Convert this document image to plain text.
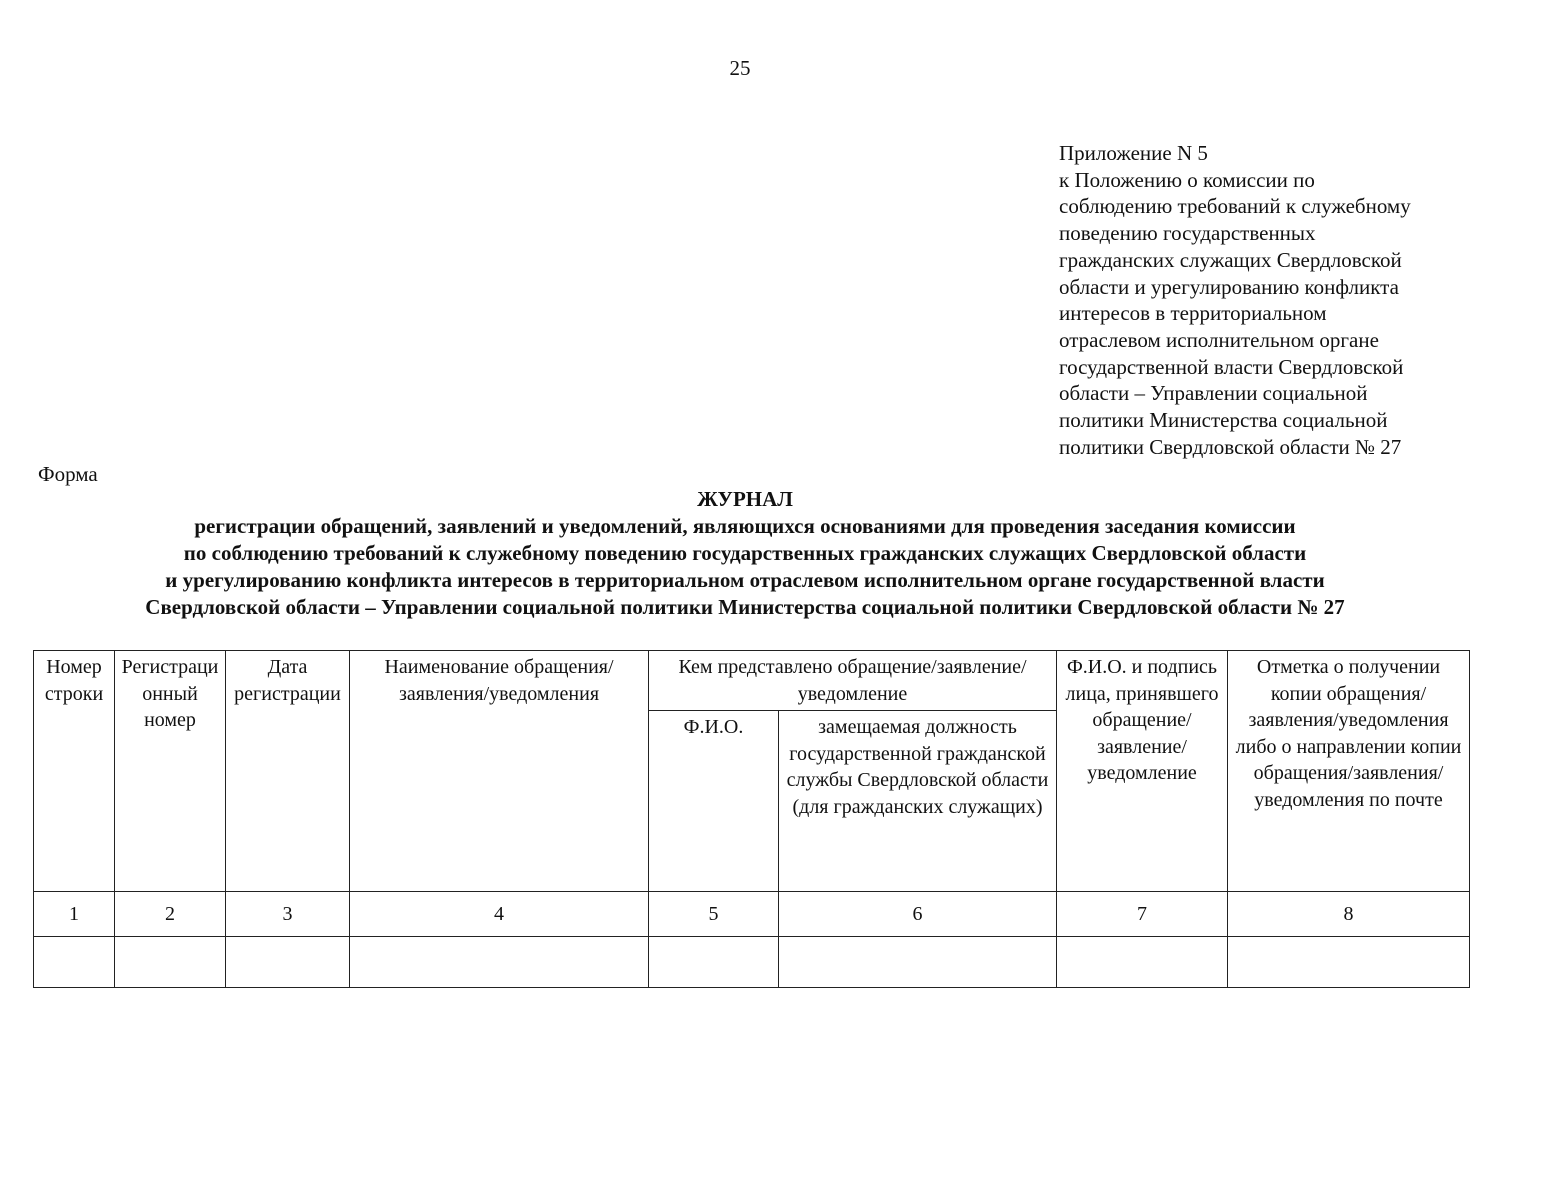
25
Приложение N 5
к Положению о комиссии по
соблюдению требований к служебному
поведению государственных
гражданских служащих Свердловской
области и урегулированию конфликта
интересов в территориальном
отраслевом исполнительном органе
государственной власти Свердловской
области – Управлении социальной
политики Министерства социальной
политики Свердловской области № 27
Форма
ЖУРНАЛ
регистрации обращений, заявлений и уведомлений, являющихся основаниями для проведения заседания комиссии
по соблюдению требований к служебному поведению государственных гражданских служащих Свердловской области
и урегулированию конфликта интересов в территориальном отраслевом исполнительном органе государственной власти
Свердловской области – Управлении социальной политики Министерства социальной политики Свердловской области № 27
Номер строки	Регистрационный номер	Дата регистрации	Наименование обращения/заявления/уведомления	Кем представлено обращение/заявление/уведомление		Ф.И.О. и подпись лица, принявшего обращение/заявление/уведомление	Отметка о получении копии обращения/заявления/уведомления либо о направлении копии обращения/заявления/уведомления по почте
				Ф.И.О.	замещаемая должность государственной гражданской службы Свердловской области (для гражданских служащих)		
1	2	3	4	5	6	7	8
